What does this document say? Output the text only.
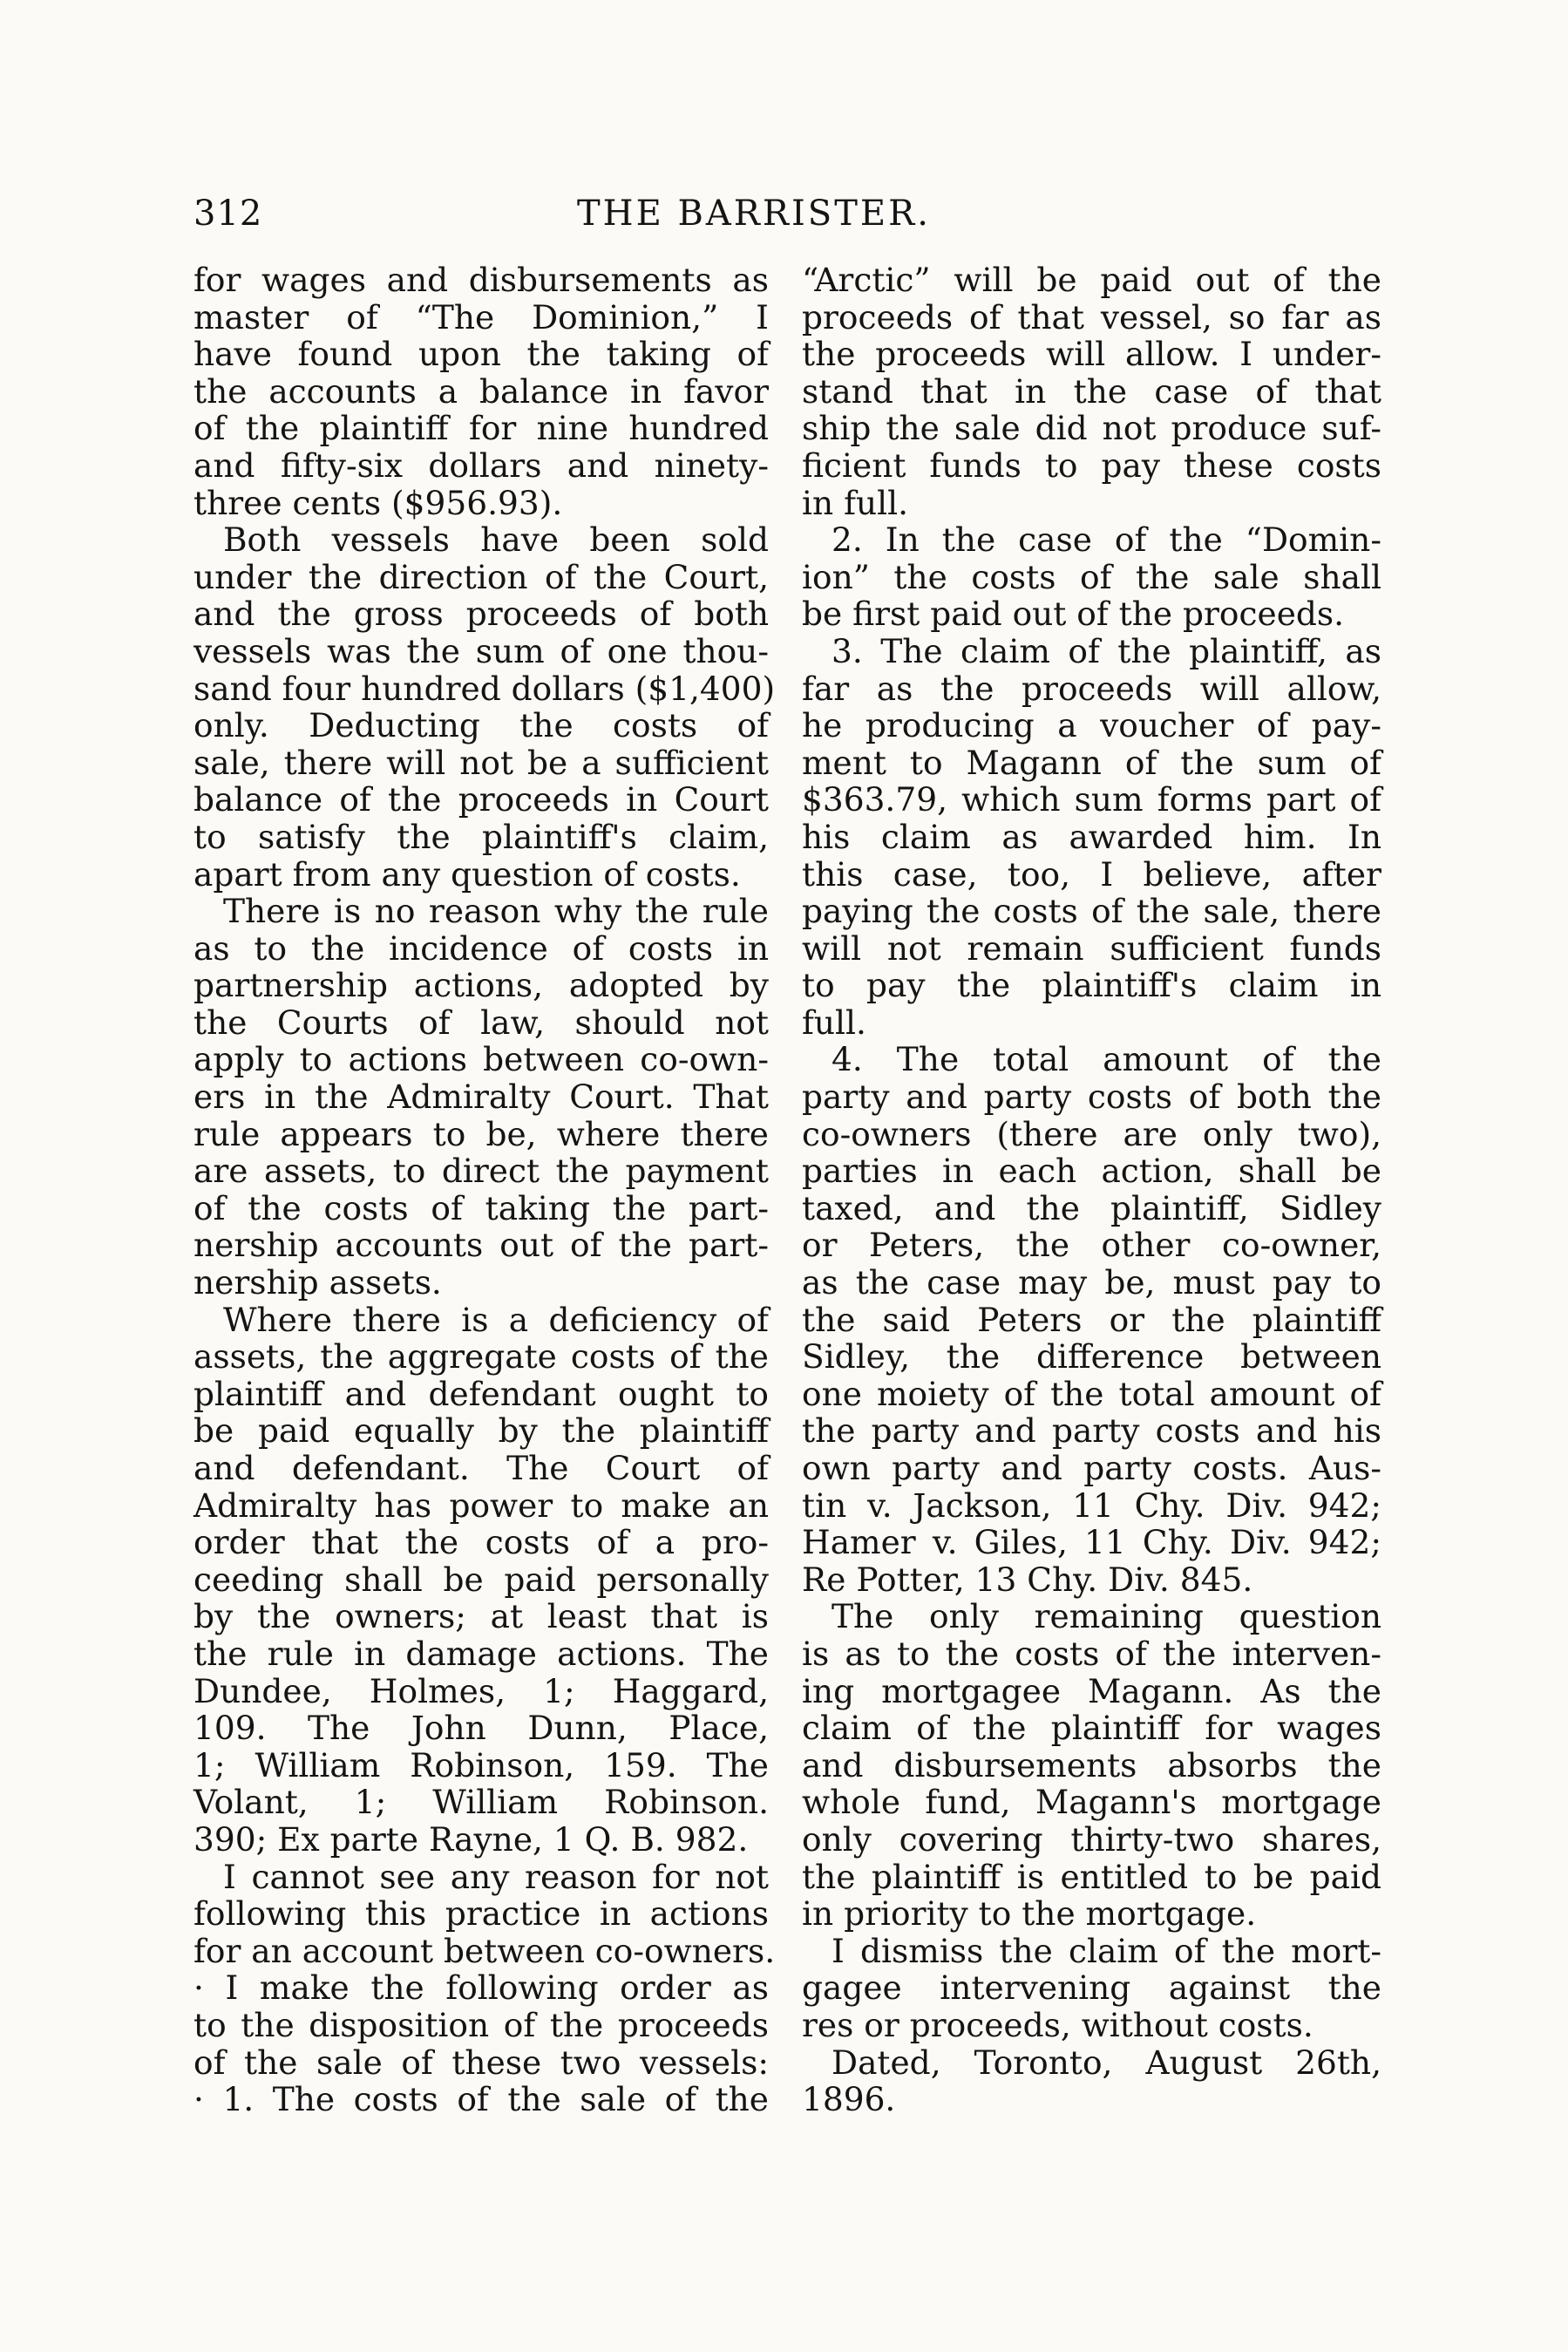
312	THE BARRISTER.
for wages and disbursements as
master of “The Dominion,” I
have found upon the taking of
the accounts a balance in favor
of the plaintiff for nine hundred
and fifty-six dollars and ninety-
three cents ($956.93).
Both vessels have been sold
under the direction of the Court,
and the gross proceeds of both
vessels was the sum of one thou-
sand four hundred dollars ($1,400)
only. Deducting the costs of
sale, there will not be a sufficient
balance of the proceeds in Court
to satisfy the plaintiff's claim,
apart from any question of costs.
There is no reason why the rule
as to the incidence of costs in
partnership actions, adopted by
the Courts of law, should not
apply to actions between co-own-
ers in the Admiralty Court. That
rule appears to be, where there
are assets, to direct the payment
of the costs of taking the part-
nership accounts out of the part-
nership assets.
Where there is a deficiency of
assets, the aggregate costs of the
plaintiff and defendant ought to
be paid equally by the plaintiff
and defendant. The Court of
Admiralty has power to make an
order that the costs of a pro-
ceeding shall be paid personally
by the owners; at least that is
the rule in damage actions. The
Dundee, Holmes, 1; Haggard,
109. The John Dunn, Place,
1; William Robinson, 159. The
Volant, 1; William Robinson.
390; Ex parte Rayne, 1 Q. B. 982.
I cannot see any reason for not
following this practice in actions
for an account between co-owners.
· I make the following order as
to the disposition of the proceeds
of the sale of these two vessels:
· 1. The costs of the sale of the
“Arctic” will be paid out of the
proceeds of that vessel, so far as
the proceeds will allow. I under-
stand that in the case of that
ship the sale did not produce suf-
ficient funds to pay these costs
in full.
2. In the case of the “Domin-
ion” the costs of the sale shall
be first paid out of the proceeds.
3. The claim of the plaintiff, as
far as the proceeds will allow,
he producing a voucher of pay-
ment to Magann of the sum of
$363.79, which sum forms part of
his claim as awarded him. In
this case, too, I believe, after
paying the costs of the sale, there
will not remain sufficient funds
to pay the plaintiff's claim in
full.
4. The total amount of the
party and party costs of both the
co-owners (there are only two),
parties in each action, shall be
taxed, and the plaintiff, Sidley
or Peters, the other co-owner,
as the case may be, must pay to
the said Peters or the plaintiff
Sidley, the difference between
one moiety of the total amount of
the party and party costs and his
own party and party costs. Aus-
tin v. Jackson, 11 Chy. Div. 942;
Hamer v. Giles, 11 Chy. Div. 942;
Re Potter, 13 Chy. Div. 845.
The only remaining question
is as to the costs of the interven-
ing mortgagee Magann. As the
claim of the plaintiff for wages
and disbursements absorbs the
whole fund, Magann's mortgage
only covering thirty-two shares,
the plaintiff is entitled to be paid
in priority to the mortgage.
I dismiss the claim of the mort-
gagee intervening against the
res or proceeds, without costs.
Dated, Toronto, August 26th,
1896.
